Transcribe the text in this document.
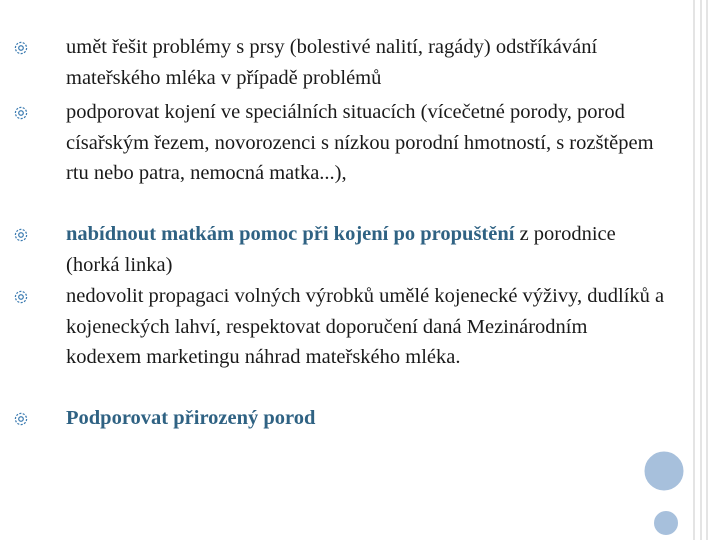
umět řešit problémy s prsy (bolestivé nalití, ragády) odstříkávání mateřského mléka v případě problémů
podporovat kojení ve speciálních situacích (vícečetné porody, porod císařským řezem, novorozenci s nízkou porodní hmotností, s rozštěpem rtu nebo patra, nemocná matka...),
nabídnout matkám pomoc při kojení po propuštění z porodnice (horká linka)
nedovolit propagaci volných výrobků umělé kojenecké výživy, dudlíků a kojeneckých lahví, respektovat doporučení daná Mezinárodním kodexem marketingu náhrad mateřského mléka.
Podporovat přirozený porod
